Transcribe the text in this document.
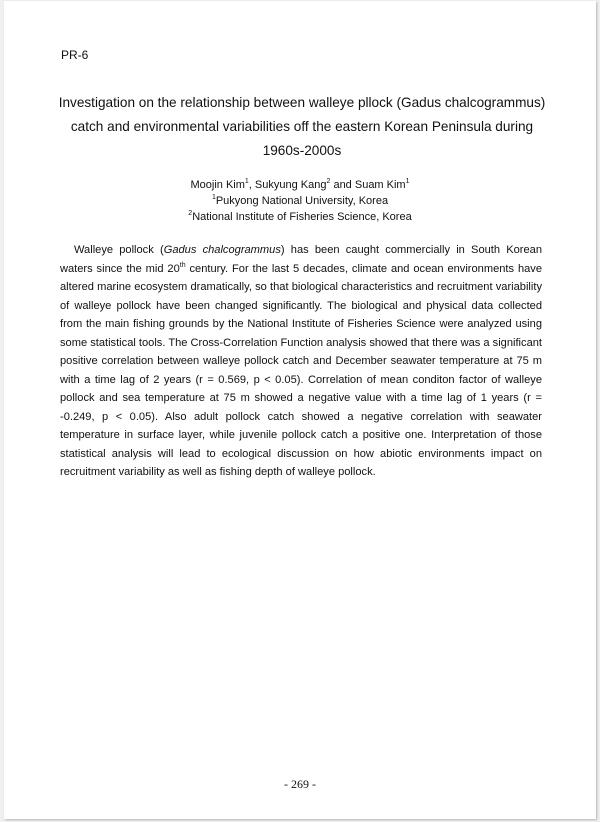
PR-6
Investigation on the relationship between walleye pllock (Gadus chalcogrammus) catch and environmental variabilities off the eastern Korean Peninsula during 1960s-2000s
Moojin Kim$^1$, Sukyung Kang$^2$ and Suam Kim$^1$
$^1$Pukyong National University, Korea
$^2$National Institute of Fisheries Science, Korea

Walleye pollock (Gadus chalcogrammus) has been caught commercially in South Korean waters since the mid 20th century. For the last 5 decades, climate and ocean environments have altered marine ecosystem dramatically, so that biological characteristics and recruitment variability of walleye pollock have been changed significantly. The biological and physical data collected from the main fishing grounds by the National Institute of Fisheries Science were analyzed using some statistical tools. The Cross-Correlation Function analysis showed that there was a significant positive correlation between walleye pollock catch and December seawater temperature at 75 m with a time lag of 2 years (r = 0.569, p < 0.05). Correlation of mean conditon factor of walleye pollock and sea temperature at 75 m showed a negative value with a time lag of 1 years (r = -0.249, p < 0.05). Also adult pollock catch showed a negative correlation with seawater temperature in surface layer, while juvenile pollock catch a positive one. Interpretation of those statistical analysis will lead to ecological discussion on how abiotic environments impact on recruitment variability as well as fishing depth of walleye pollock.

- 269 -
